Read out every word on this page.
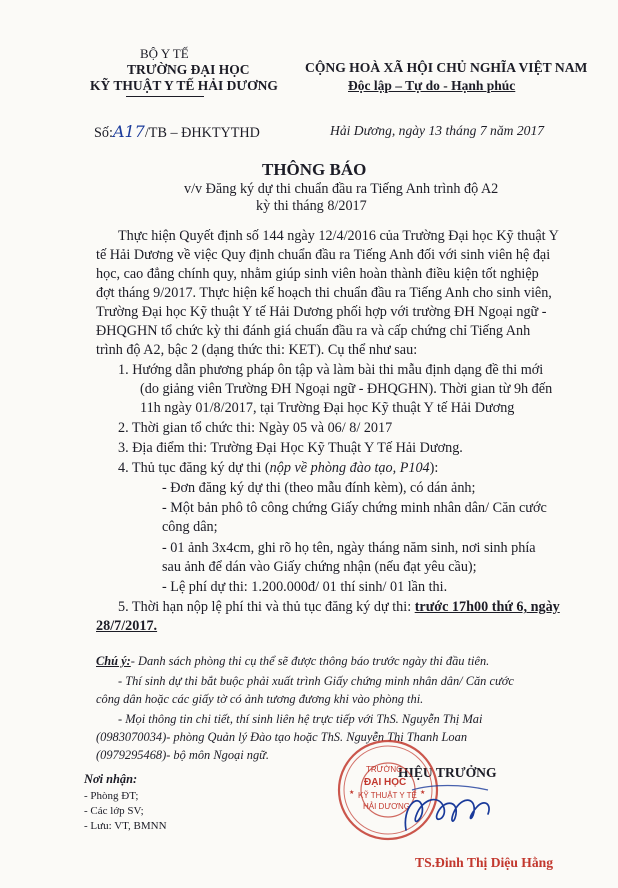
BỘ Y TẾ
TRƯỜNG ĐẠI HỌC
KỸ THUẬT Y TẾ HẢI DƯƠNG
Số:A17/TB – ĐHKTYTHD
CỘNG HOÀ XÃ HỘI CHỦ NGHĨA VIỆT NAM
Độc lập – Tự do - Hạnh phúc
Hải Dương, ngày 13 tháng 7 năm 2017
THÔNG BÁO
v/v Đăng ký dự thi chuẩn đầu ra Tiếng Anh trình độ A2
kỳ thi tháng 8/2017
Thực hiện Quyết định số 144 ngày 12/4/2016 của Trường Đại học Kỹ thuật Y
tế Hải Dương về việc Quy định chuẩn đầu ra Tiếng Anh đối với sinh viên hệ đại
học, cao đẳng chính quy, nhằm giúp sinh viên hoàn thành điều kiện tốt nghiệp
đợt tháng 9/2017. Thực hiện kế hoạch thi chuẩn đầu ra Tiếng Anh cho sinh viên,
Trường Đại học Kỹ thuật Y tế Hải Dương phối hợp với trường ĐH Ngoại ngữ -
ĐHQGHN tổ chức kỳ thi đánh giá chuẩn đầu ra và cấp chứng chỉ Tiếng Anh
trình độ A2, bậc 2 (dạng thức thi: KET). Cụ thể như sau:
1. Hướng dẫn phương pháp ôn tập và làm bài thi mẫu định dạng đề thi mới
(do giảng viên Trường ĐH Ngoại ngữ - ĐHQGHN). Thời gian từ 9h đến
11h ngày 01/8/2017, tại Trường Đại học Kỹ thuật Y tế Hải Dương
2. Thời gian tổ chức thi: Ngày 05 và 06/ 8/ 2017
3. Địa điểm thi: Trường Đại Học Kỹ Thuật Y Tế Hải Dương.
4. Thủ tục đăng ký dự thi (nộp về phòng đào tạo, P104):
- Đơn đăng ký dự thi (theo mẫu đính kèm), có dán ảnh;
- Một bản phô tô công chứng Giấy chứng minh nhân dân/ Căn cước
công dân;
- 01 ảnh 3x4cm, ghi rõ họ tên, ngày tháng năm sinh, nơi sinh phía
sau ảnh để dán vào Giấy chứng nhận (nếu đạt yêu cầu);
- Lệ phí dự thi: 1.200.000đ/ 01 thí sinh/ 01 lần thi.
5. Thời hạn nộp lệ phí thi và thủ tục đăng ký dự thi: trước 17h00 thứ 6, ngày
28/7/2017.
Chú ý:- Danh sách phòng thi cụ thể sẽ được thông báo trước ngày thi đầu tiên.
- Thí sinh dự thi bắt buộc phải xuất trình Giấy chứng minh nhân dân/ Căn cước
công dân hoặc các giấy tờ có ảnh tương đương khi vào phòng thi.
- Mọi thông tin chi tiết, thí sinh liên hệ trực tiếp với ThS. Nguyễn Thị Mai
(0983070034)- phòng Quản lý Đào tạo hoặc ThS. Nguyễn Thị Thanh Loan
(0979295468)- bộ môn Ngoại ngữ.
Nơi nhận:
- Phòng ĐT;
- Các lớp SV;
- Lưu: VT, BMNN
HIỆU TRƯỞNG
★	★
TRƯỜNG
ĐẠI HỌC
KỸ THUẬT Y TẾ
HẢI DƯƠNG
TS.Đinh Thị Diệu Hằng
